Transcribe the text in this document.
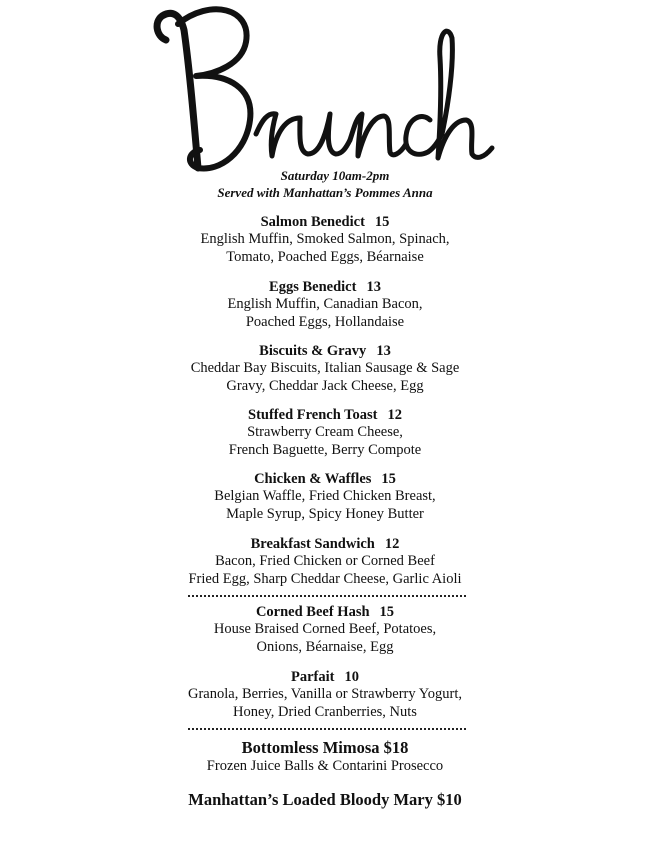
Saturday 10am-2pm
Served with Manhattan’s Pommes Anna
Salmon Benedict 15
English Muffin, Smoked Salmon, Spinach,
Tomato, Poached Eggs, Béarnaise
Eggs Benedict 13
English Muffin, Canadian Bacon,
Poached Eggs, Hollandaise
Biscuits & Gravy 13
Cheddar Bay Biscuits, Italian Sausage & Sage
Gravy, Cheddar Jack Cheese, Egg
Stuffed French Toast 12
Strawberry Cream Cheese,
French Baguette, Berry Compote
Chicken & Waffles 15
Belgian Waffle, Fried Chicken Breast,
Maple Syrup, Spicy Honey Butter
Breakfast Sandwich 12
Bacon, Fried Chicken or Corned Beef
Fried Egg, Sharp Cheddar Cheese, Garlic Aioli
Corned Beef Hash 15
House Braised Corned Beef, Potatoes,
Onions, Béarnaise, Egg
Parfait 10
Granola, Berries, Vanilla or Strawberry Yogurt,
Honey, Dried Cranberries, Nuts
Bottomless Mimosa $18
Frozen Juice Balls & Contarini Prosecco
Manhattan’s Loaded Bloody Mary $10
